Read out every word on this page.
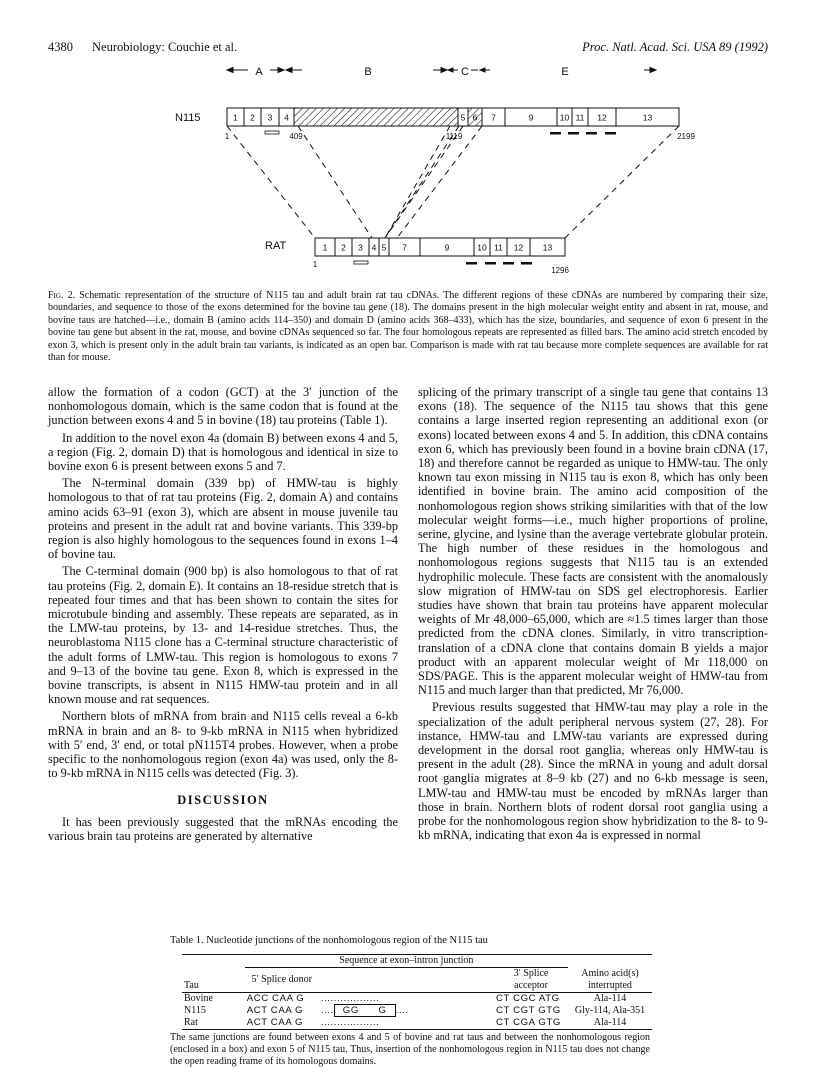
4380 Neurobiology: Couchie et al.	Proc. Natl. Acad. Sci. USA 89 (1992)
A	B	C	E
N115
RAT
1 2 3 4	5 6 7	9	10 11 12	13
1 2 3 4 5 7	9	10 11 12 13
1	409	1119	2199
1
1296
Fig. 2. Schematic representation of the structure of N115 tau and adult brain rat tau cDNAs. The different regions of these cDNAs are numbered by comparing their size, boundaries, and sequence to those of the exons determined for the bovine tau gene (18). The domains present in the high molecular weight entity and absent in rat, mouse, and bovine taus are hatched—i.e., domain B (amino acids 114–350) and domain D (amino acids 368–433), which has the size, boundaries, and sequence of exon 6 present in the bovine tau gene but absent in the rat, mouse, and bovine cDNAs sequenced so far. The four homologous repeats are represented as filled bars. The amino acid stretch encoded by exon 3, which is present only in the adult brain tau variants, is indicated as an open bar. Comparison is made with rat tau because more complete sequences are available for rat than for mouse.

allow the formation of a codon (GCT) at the 3′ junction of the nonhomologous domain, which is the same codon that is found at the junction between exons 4 and 5 in bovine (18) tau proteins (Table 1).

In addition to the novel exon 4a (domain B) between exons 4 and 5, a region (Fig. 2, domain D) that is homologous and identical in size to bovine exon 6 is present between exons 5 and 7.

The N-terminal domain (339 bp) of HMW-tau is highly homologous to that of rat tau proteins (Fig. 2, domain A) and contains amino acids 63–91 (exon 3), which are absent in mouse juvenile tau proteins and present in the adult rat and bovine variants. This 339-bp region is also highly homologous to the sequences found in exons 1–4 of bovine tau.

The C-terminal domain (900 bp) is also homologous to that of rat tau proteins (Fig. 2, domain E). It contains an 18-residue stretch that is repeated four times and that has been shown to contain the sites for microtubule binding and assembly. These repeats are separated, as in the LMW-tau proteins, by 13- and 14-residue stretches. Thus, the neuroblastoma N115 clone has a C-terminal structure characteristic of the adult forms of LMW-tau. This region is homologous to exons 7 and 9–13 of the bovine tau gene. Exon 8, which is expressed in the bovine transcripts, is absent in N115 HMW-tau protein and in all known mouse and rat sequences.

Northern blots of mRNA from brain and N115 cells reveal a 6-kb mRNA in brain and an 8- to 9-kb mRNA in N115 when hybridized with 5′ end, 3′ end, or total pN115T4 probes. However, when a probe specific to the nonhomologous region (exon 4a) was used, only the 8- to 9-kb mRNA in N115 cells was detected (Fig. 3).

DISCUSSION

It has been previously suggested that the mRNAs encoding the various brain tau proteins are generated by alternative

splicing of the primary transcript of a single tau gene that contains 13 exons (18). The sequence of the N115 tau shows that this gene contains a large inserted region representing an additional exon (or exons) located between exons 4 and 5. In addition, this cDNA contains exon 6, which has previously been found in a bovine brain cDNA (17, 18) and therefore cannot be regarded as unique to HMW-tau. The only known tau exon missing in N115 tau is exon 8, which has only been identified in bovine brain. The amino acid composition of the nonhomologous region shows striking similarities with that of the low molecular weight forms—i.e., much higher proportions of proline, serine, glycine, and lysine than the average vertebrate globular protein. The high number of these residues in the homologous and nonhomologous regions suggests that N115 tau is an extended hydrophilic molecule. These facts are consistent with the anomalously slow migration of HMW-tau on SDS gel electrophoresis. Earlier studies have shown that brain tau proteins have apparent molecular weights of Mr 48,000–65,000, which are ≈1.5 times larger than those predicted from the cDNA clones. Similarly, in vitro transcription-translation of a cDNA clone that contains domain B yields a major product with an apparent molecular weight of Mr 118,000 on SDS/PAGE. This is the apparent molecular weight of HMW-tau from N115 and much larger than that predicted, Mr 76,000.

Previous results suggested that HMW-tau may play a role in the specialization of the adult peripheral nervous system (27, 28). For instance, HMW-tau and LMW-tau variants are expressed during development in the dorsal root ganglia, whereas only HMW-tau is present in the adult (28). Since the mRNA in young and adult dorsal root ganglia migrates at 8–9 kb (27) and no 6-kb message is seen, LMW-tau and HMW-tau must be encoded by mRNAs larger than those in brain. Northern blots of rodent dorsal root ganglia using a probe for the nonhomologous region show hybridization to the 8- to 9-kb mRNA, indicating that exon 4a is expressed in normal

Table 1. Nucleotide junctions of the nonhomologous region of the N115 tau
	Sequence at exon–intron junction			
Tau	5′ Splice donor		3′ Splice acceptor	Amino acid(s) interrupted
Bovine	ACC CAA G	..................	CT CGC ATG	Ala-114
N115	ACT CAA G	.... GG      G ....	CT CGT GTG	Gly-114, Ala-351
Rat	ACT CAA G	..................	CT CGA GTG	Ala-114
The same junctions are found between exons 4 and 5 of bovine and rat taus and between the nonhomologous region (enclosed in a box) and exon 5 of N115 tau. Thus, insertion of the nonhomologous region in N115 tau does not change the open reading frame of its homologous domains.
